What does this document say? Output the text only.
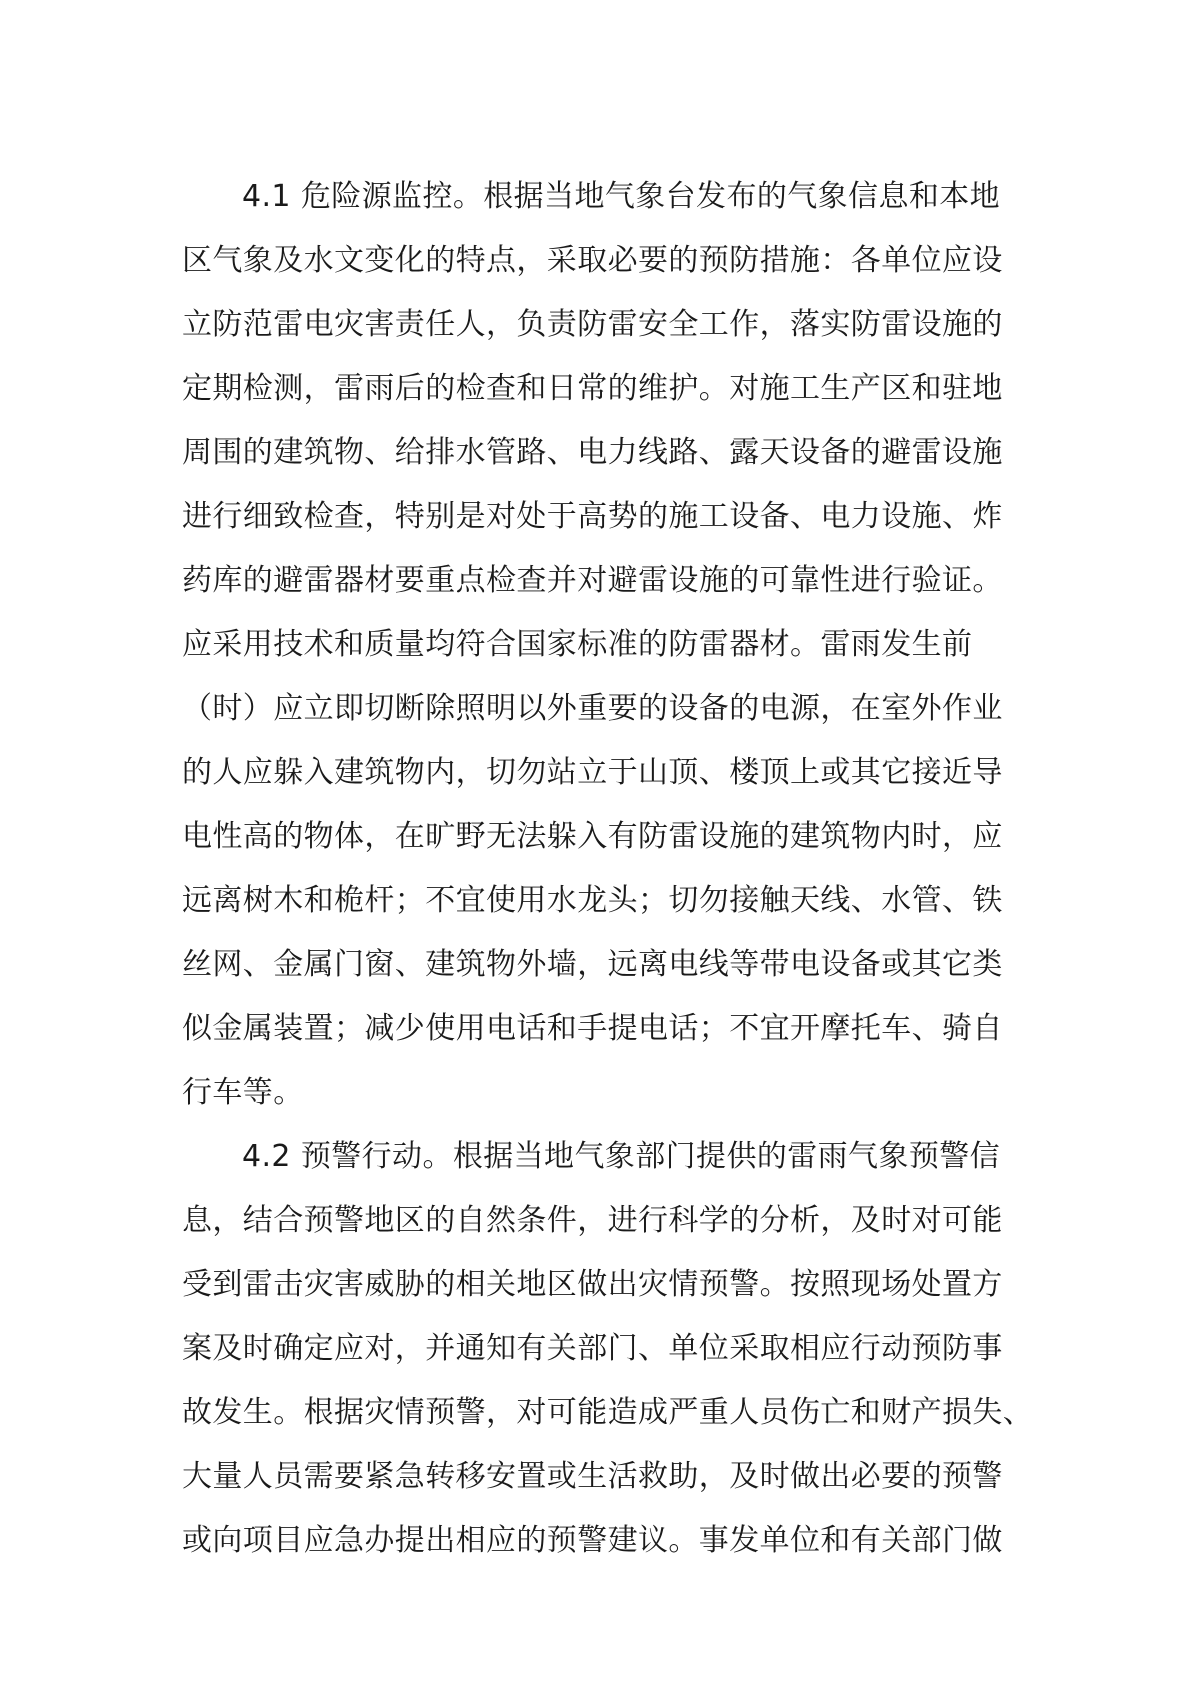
4.1 危险源监控。根据当地气象台发布的气象信息和本地
区气象及水文变化的特点，采取必要的预防措施：各单位应设
立防范雷电灾害责任人，负责防雷安全工作，落实防雷设施的
定期检测，雷雨后的检查和日常的维护。对施工生产区和驻地
周围的建筑物、给排水管路、电力线路、露天设备的避雷设施
进行细致检查，特别是对处于高势的施工设备、电力设施、炸
药库的避雷器材要重点检查并对避雷设施的可靠性进行验证。
应采用技术和质量均符合国家标准的防雷器材。雷雨发生前
（时）应立即切断除照明以外重要的设备的电源，在室外作业
的人应躲入建筑物内，切勿站立于山顶、楼顶上或其它接近导
电性高的物体，在旷野无法躲入有防雷设施的建筑物内时，应
远离树木和桅杆；不宜使用水龙头；切勿接触天线、水管、铁
丝网、金属门窗、建筑物外墙，远离电线等带电设备或其它类
似金属装置；减少使用电话和手提电话；不宜开摩托车、骑自
行车等。
4.2 预警行动。根据当地气象部门提供的雷雨气象预警信
息，结合预警地区的自然条件，进行科学的分析，及时对可能
受到雷击灾害威胁的相关地区做出灾情预警。按照现场处置方
案及时确定应对，并通知有关部门、单位采取相应行动预防事
故发生。根据灾情预警，对可能造成严重人员伤亡和财产损失、
大量人员需要紧急转移安置或生活救助，及时做出必要的预警
或向项目应急办提出相应的预警建议。事发单位和有关部门做
